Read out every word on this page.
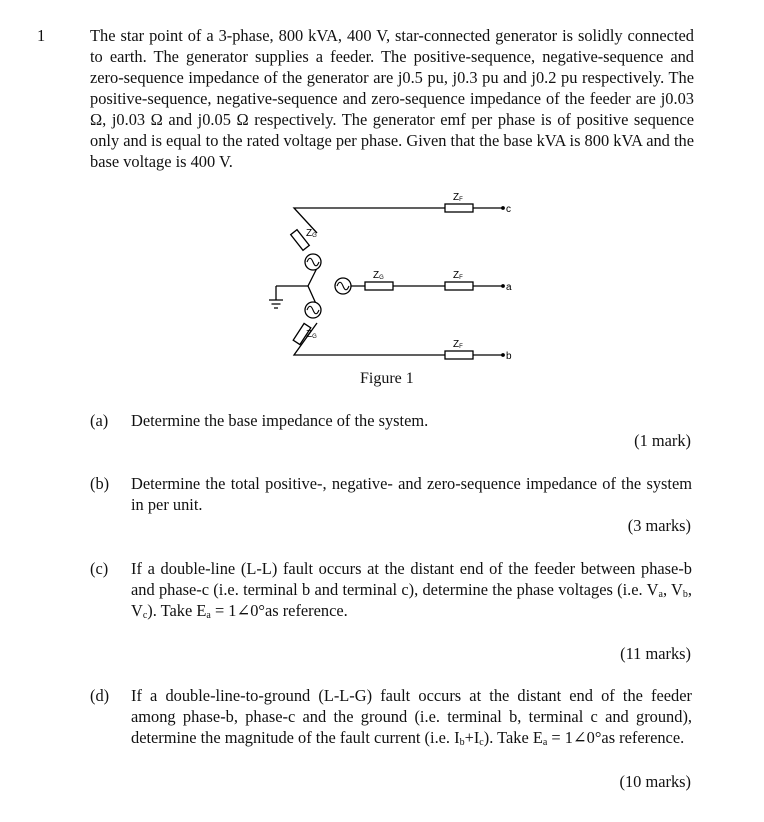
1	The star point of a 3-phase, 800 kVA, 400 V, star-connected generator is solidly connected to earth. The generator supplies a feeder. The positive-sequence, negative-sequence and zero-sequence impedance of the generator are j0.5 pu, j0.3 pu and j0.2 pu respectively. The positive-sequence, negative-sequence and zero-sequence impedance of the feeder are j0.03 Ω, j0.03 Ω and j0.05 Ω respectively. The generator emf per phase is of positive sequence only and is equal to the rated voltage per phase. Given that the base kVA is 800 kVA and the base voltage is 400 V.
c
a
b
ZF
ZF
ZF
ZG
ZG
ZG
Figure 1
(a) Determine the base impedance of the system.
(1 mark)
(b) Determine the total positive-, negative- and zero-sequence impedance of the system in per unit.
(3 marks)
(c) If a double-line (L-L) fault occurs at the distant end of the feeder between phase-b and phase-c (i.e. terminal b and terminal c), determine the phase voltages (i.e. $V_a$, $V_b$, $V_c$). Take $E_a$ = 1∠0°as reference.
(11 marks)
(d) If a double-line-to-ground (L-L-G) fault occurs at the distant end of the feeder among phase-b, phase-c and the ground (i.e. terminal b, terminal c and ground), determine the magnitude of the fault current (i.e. $I_b+I_c$). Take $E_a$ = 1∠0°as reference.
(10 marks)
